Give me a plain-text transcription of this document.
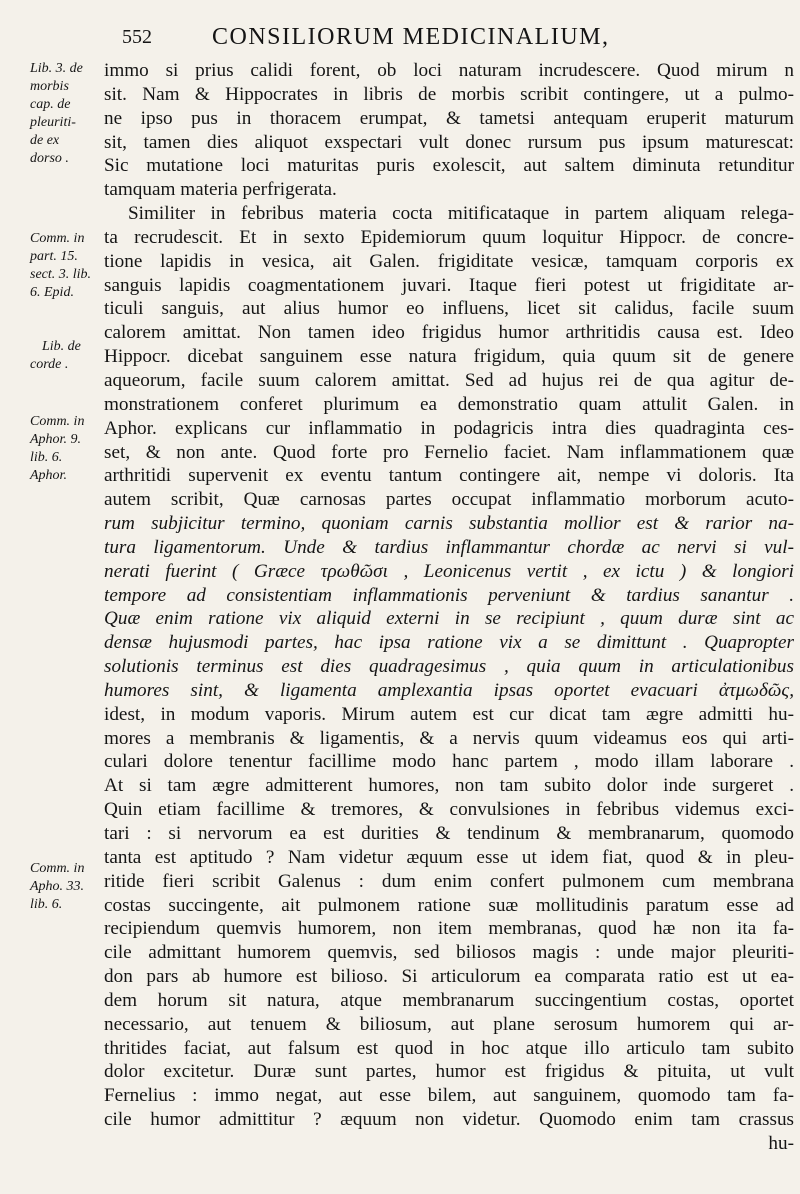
552	CONSILIORUM MEDICINALIUM,
Lib. 3. de
morbis
cap. de
pleuriti-
de ex
dorso .
Comm. in
part. 15.
sect. 3. lib.
6. Epid.
Lib. de
corde .
Comm. in
Aphor. 9.
lib. 6.
Aphor.
Comm. in
Apho. 33.
lib. 6.
immo si prius calidi forent, ob loci naturam incrudescere. Quod mirum n
sit. Nam & Hippocrates in libris de morbis scribit contingere, ut a pulmo-
ne ipso pus in thoracem erumpat, & tametsi antequam eruperit maturum
sit, tamen dies aliquot exspectari vult donec rursum pus ipsum maturescat:
Sic mutatione loci maturitas puris exolescit, aut saltem diminuta retunditur
tamquam materia perfrigerata.
Similiter in febribus materia cocta mitificataque in partem aliquam relega-
ta recrudescit. Et in sexto Epidemiorum quum loquitur Hippocr. de concre-
tione lapidis in vesica, ait Galen. frigiditate vesicæ, tamquam corporis ex
sanguis lapidis coagmentationem juvari. Itaque fieri potest ut frigiditate ar-
ticuli sanguis, aut alius humor eo influens, licet sit calidus, facile suum
calorem amittat. Non tamen ideo frigidus humor arthritidis causa est. Ideo
Hippocr. dicebat sanguinem esse natura frigidum, quia quum sit de genere
aqueorum, facile suum calorem amittat. Sed ad hujus rei de qua agitur de-
monstrationem conferet plurimum ea demonstratio quam attulit Galen. in
Aphor. explicans cur inflammatio in podagricis intra dies quadraginta ces-
set, & non ante. Quod forte pro Fernelio faciet. Nam inflammationem quæ
arthritidi supervenit ex eventu tantum contingere ait, nempe vi doloris. Ita
autem scribit, Quæ carnosas partes occupat inflammatio morborum acuto-
rum subjicitur termino, quoniam carnis substantia mollior est & rarior na-
tura ligamentorum. Unde & tardius inflammantur chordæ ac nervi si vul-
nerati fuerint ( Græce τρωθῶσι , Leonicenus vertit , ex ictu ) & longiori
tempore ad consistentiam inflammationis perveniunt & tardius sanantur .
Quæ enim ratione vix aliquid externi in se recipiunt , quum duræ sint ac
densæ hujusmodi partes, hac ipsa ratione vix a se dimittunt . Quapropter
solutionis terminus est dies quadragesimus , quia quum in articulationibus
humores sint, & ligamenta amplexantia ipsas oportet evacuari ἀτμωδῶς,
idest, in modum vaporis. Mirum autem est cur dicat tam ægre admitti hu-
mores a membranis & ligamentis, & a nervis quum videamus eos qui arti-
culari dolore tenentur facillime modo hanc partem , modo illam laborare .
At si tam ægre admitterent humores, non tam subito dolor inde surgeret .
Quin etiam facillime & tremores, & convulsiones in febribus videmus exci-
tari : si nervorum ea est durities & tendinum & membranarum, quomodo
tanta est aptitudo ? Nam videtur æquum esse ut idem fiat, quod & in pleu-
ritide fieri scribit Galenus : dum enim confert pulmonem cum membrana
costas succingente, ait pulmonem ratione suæ mollitudinis paratum esse ad
recipiendum quemvis humorem, non item membranas, quod hæ non ita fa-
cile admittant humorem quemvis, sed biliosos magis : unde major pleuriti-
don pars ab humore est bilioso. Si articulorum ea comparata ratio est ut ea-
dem horum sit natura, atque membranarum succingentium costas, oportet
necessario, aut tenuem & biliosum, aut plane serosum humorem qui ar-
thritides faciat, aut falsum est quod in hoc atque illo articulo tam subito
dolor excitetur. Duræ sunt partes, humor est frigidus & pituita, ut vult
Fernelius : immo negat, aut esse bilem, aut sanguinem, quomodo tam fa-
cile humor admittitur ? æquum non videtur. Quomodo enim tam crassus
hu-
